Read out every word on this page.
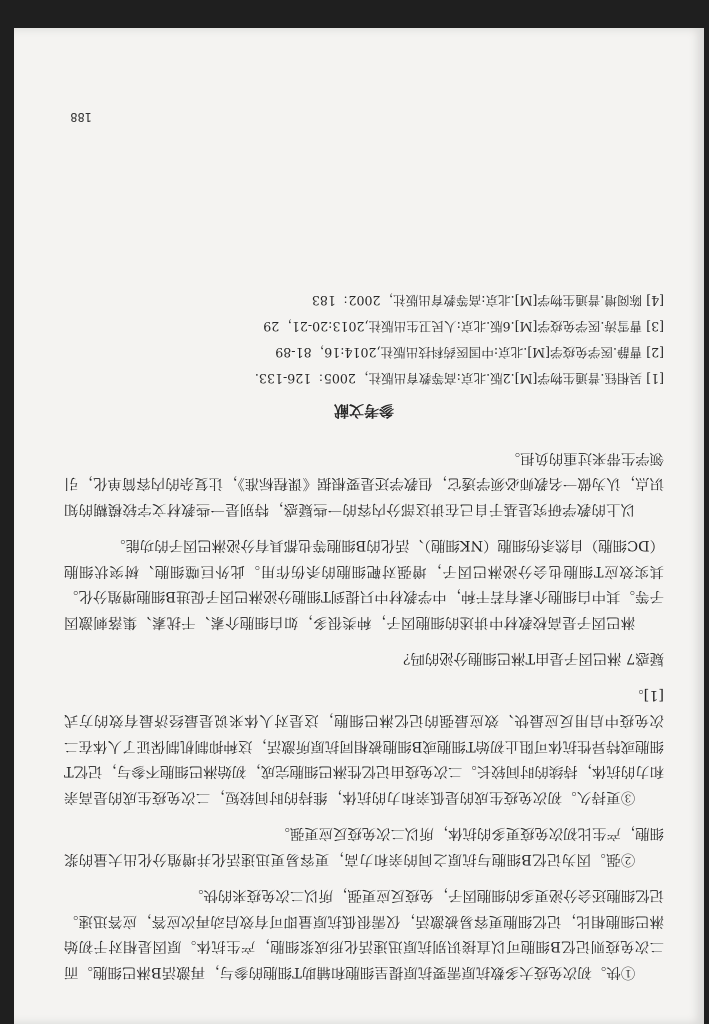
①快。初次免疫大多数抗原需要抗原提呈细胞和辅助T细胞的参与，再激活B淋巴细胞。而二次免疫则记忆B细胞可以直接识别抗原迅速活化形成浆细胞，产生抗体。原因是相对于初始淋巴细胞相比，记忆细胞更容易被激活，仅需很低抗原量即可有效启动再次应答，应答迅速。记忆细胞还会分泌更多的细胞因子，免疫反应更强，所以二次免疫来的快。

②强。因为记忆B细胞与抗原之间的亲和力高，更容易更迅速活化并增殖分化出大量的浆细胞，产生比初次免疫更多的抗体，所以二次免疫反应更强。

③更持久。初次免疫生成的是低亲和力的抗体，维持的时间较短，二次免疫生成的是高亲和力的抗体，持续的时间较长。二次免疫由记忆性淋巴细胞完成，初始淋巴细胞不参与，记忆T细胞或特异性抗体可阻止初始T细胞或B细胞被相同抗原所激活，这种抑制机制保证了人体在二次免疫中启用反应最快、效应最强的记忆淋巴细胞，这是对人体来说是最经济最有效的方式[1]。

疑惑7 淋巴因子是由T淋巴细胞分泌的吗？

淋巴因子是高校教材中讲述的细胞因子，种类很多，如白细胞介素、干扰素、集落刺激因子等。其中白细胞介素有若干种，中学教材中只提到T细胞分泌淋巴因子促进B细胞增殖分化。其实效应T细胞也会分泌淋巴因子，增强对靶细胞的杀伤作用。此外巨噬细胞、树突状细胞（DC细胞）自然杀伤细胞（NK细胞）、活化的B细胞等也都具有分泌淋巴因子的功能。

以上的教学研究是基于自己在讲这部分内容的一些疑惑，特别是一些教材文字较模糊的知识点，认为做一名教师必须学透它，但教学还是要根据《课程标准》，让复杂的内容简单化，引领学生带来过重的负担。

参考文献
[1] 吴相钰.普通生物学[M].2版.北京:高等教育出版社，2005：126-133.
[2] 曹静.医学免疫学[M].北京:中国医药科技出版社,2014:16，81-89
[3] 曹雪涛.医学免疫学[M].6版.北京:人民卫生出版社,2013:20-21，29
[4] 陈阅增.普通生物学[M].北京:高等教育出版社，2002：183
188
